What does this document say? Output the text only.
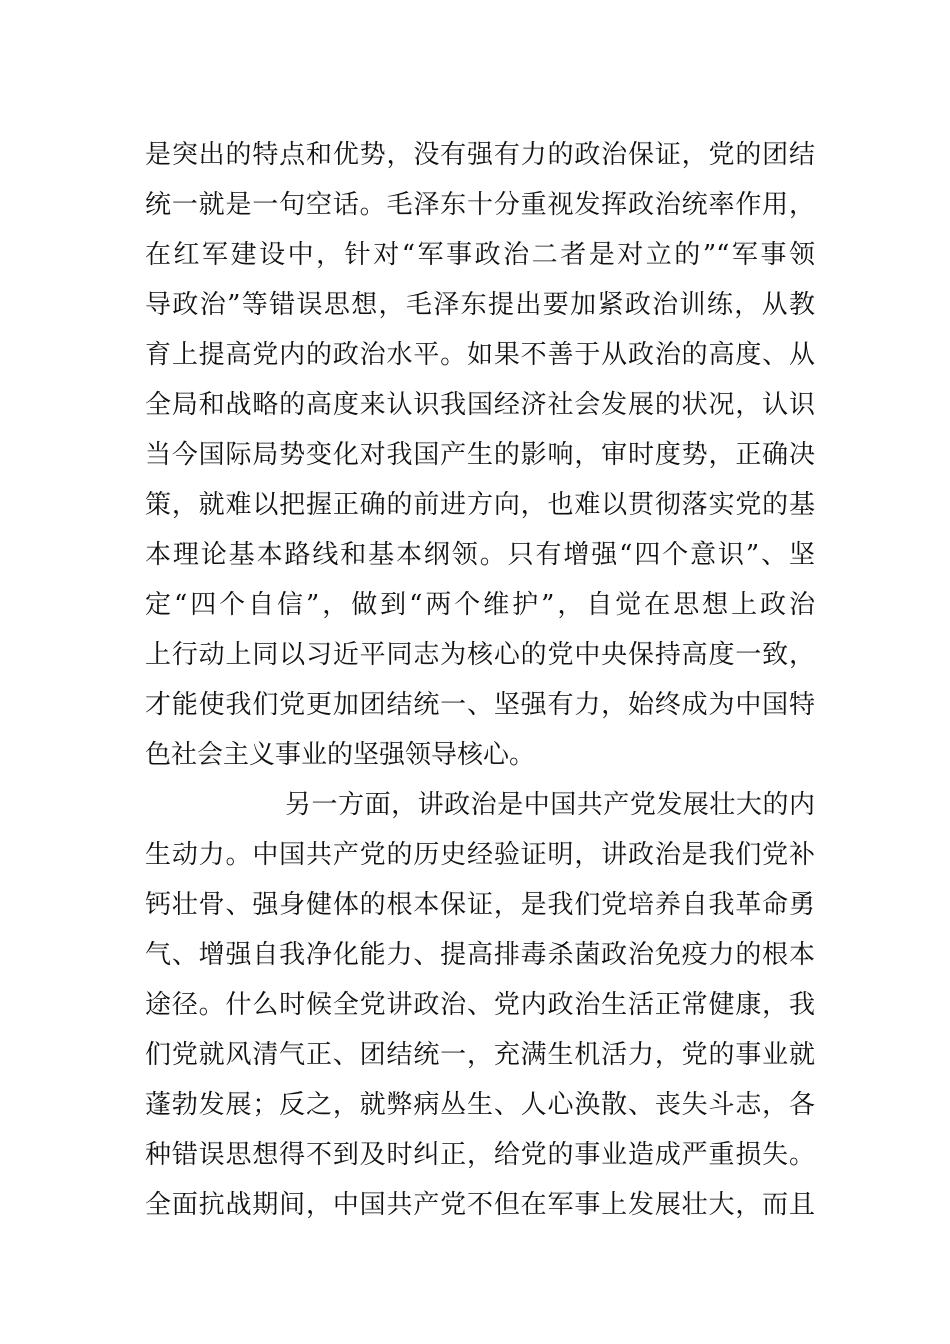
是突出的特点和优势，没有强有力的政治保证，党的团结
统一就是一句空话。毛泽东十分重视发挥政治统率作用，
在红军建设中，针对“军事政治二者是对立的”“军事领
导政治”等错误思想，毛泽东提出要加紧政治训练，从教
育上提高党内的政治水平。如果不善于从政治的高度、从
全局和战略的高度来认识我国经济社会发展的状况，认识
当今国际局势变化对我国产生的影响，审时度势，正确决
策，就难以把握正确的前进方向，也难以贯彻落实党的基
本理论基本路线和基本纲领。只有增强“四个意识”、坚
定“四个自信”，做到“两个维护”，自觉在思想上政治
上行动上同以习近平同志为核心的党中央保持高度一致，
才能使我们党更加团结统一、坚强有力，始终成为中国特
色社会主义事业的坚强领导核心。
另一方面，讲政治是中国共产党发展壮大的内
生动力。中国共产党的历史经验证明，讲政治是我们党补
钙壮骨、强身健体的根本保证，是我们党培养自我革命勇
气、增强自我净化能力、提高排毒杀菌政治免疫力的根本
途径。什么时候全党讲政治、党内政治生活正常健康，我
们党就风清气正、团结统一，充满生机活力，党的事业就
蓬勃发展；反之，就弊病丛生、人心涣散、丧失斗志，各
种错误思想得不到及时纠正，给党的事业造成严重损失。
全面抗战期间，中国共产党不但在军事上发展壮大，而且
